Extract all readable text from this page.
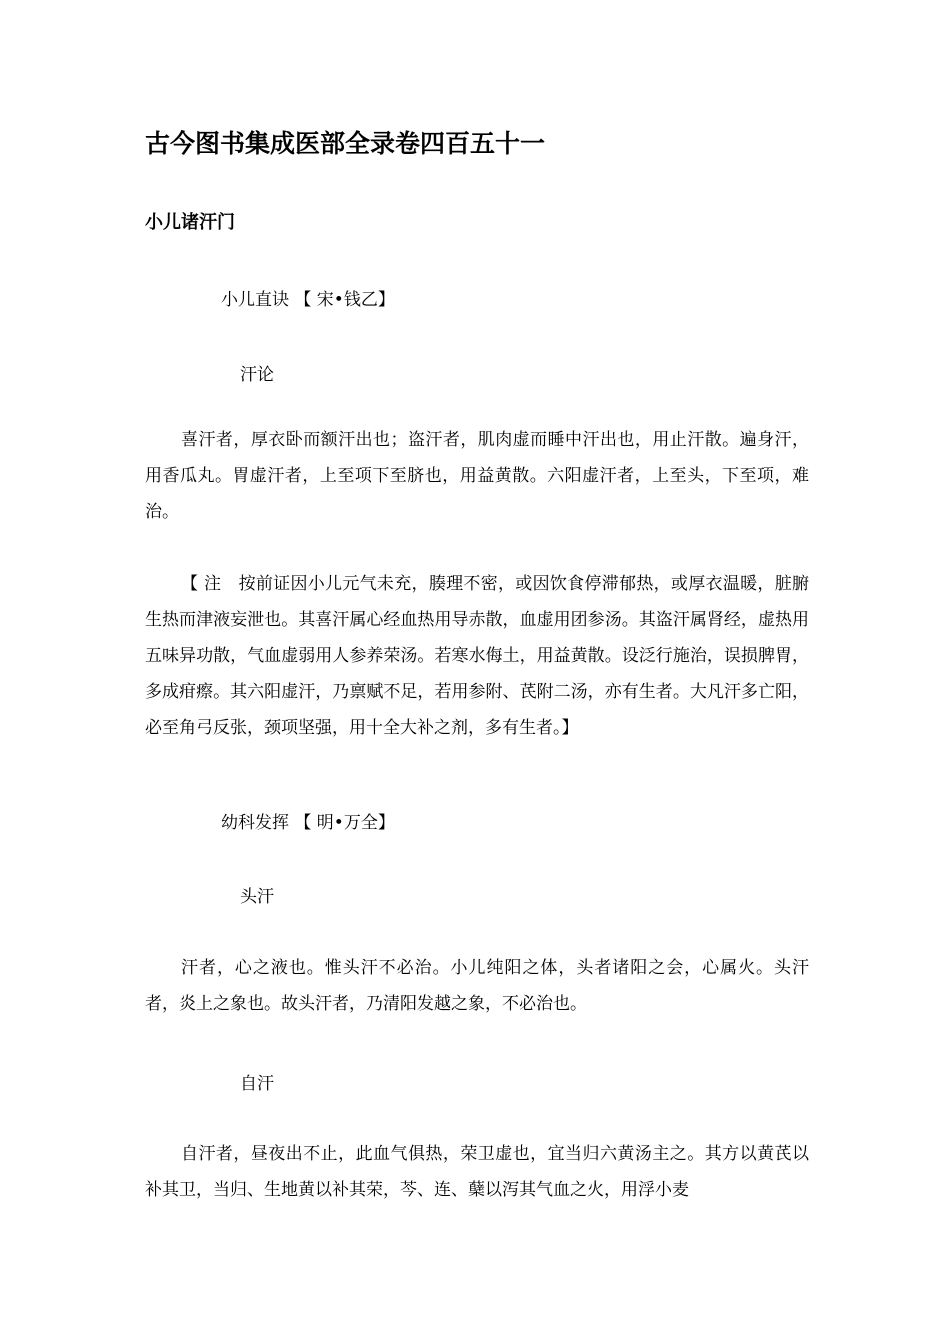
古今图书集成医部全录卷四百五十一
小儿诸汗门
小儿直诀 【 宋•钱乙】
汗论

喜汗者，厚衣卧而额汗出也；盗汗者，肌肉虚而睡中汗出也，用止汗散。遍身汗，用香瓜丸。胃虚汗者，上至项下至脐也，用益黄散。六阳虚汗者，上至头，下至项，难治。

【 注　按前证因小儿元气未充，腠理不密，或因饮食停滞郁热，或厚衣温暖，脏腑生热而津液妄泄也。其喜汗属心经血热用导赤散，血虚用团参汤。其盗汗属肾经，虚热用五味异功散，气血虚弱用人参养荣汤。若寒水侮土，用益黄散。设泛行施治，误损脾胃，多成疳瘵。其六阳虚汗，乃禀赋不足，若用参附、芪附二汤，亦有生者。大凡汗多亡阳，必至角弓反张，颈项坚强，用十全大补之剂，多有生者。】

幼科发挥 【 明•万全】
头汗

汗者，心之液也。惟头汗不必治。小儿纯阳之体，头者诸阳之会，心属火。头汗者，炎上之象也。故头汗者，乃清阳发越之象，不必治也。

自汗

自汗者，昼夜出不止，此血气俱热，荣卫虚也，宜当归六黄汤主之。其方以黄芪以补其卫，当归、生地黄以补其荣，芩、连、蘖以泻其气血之火，用浮小麦
